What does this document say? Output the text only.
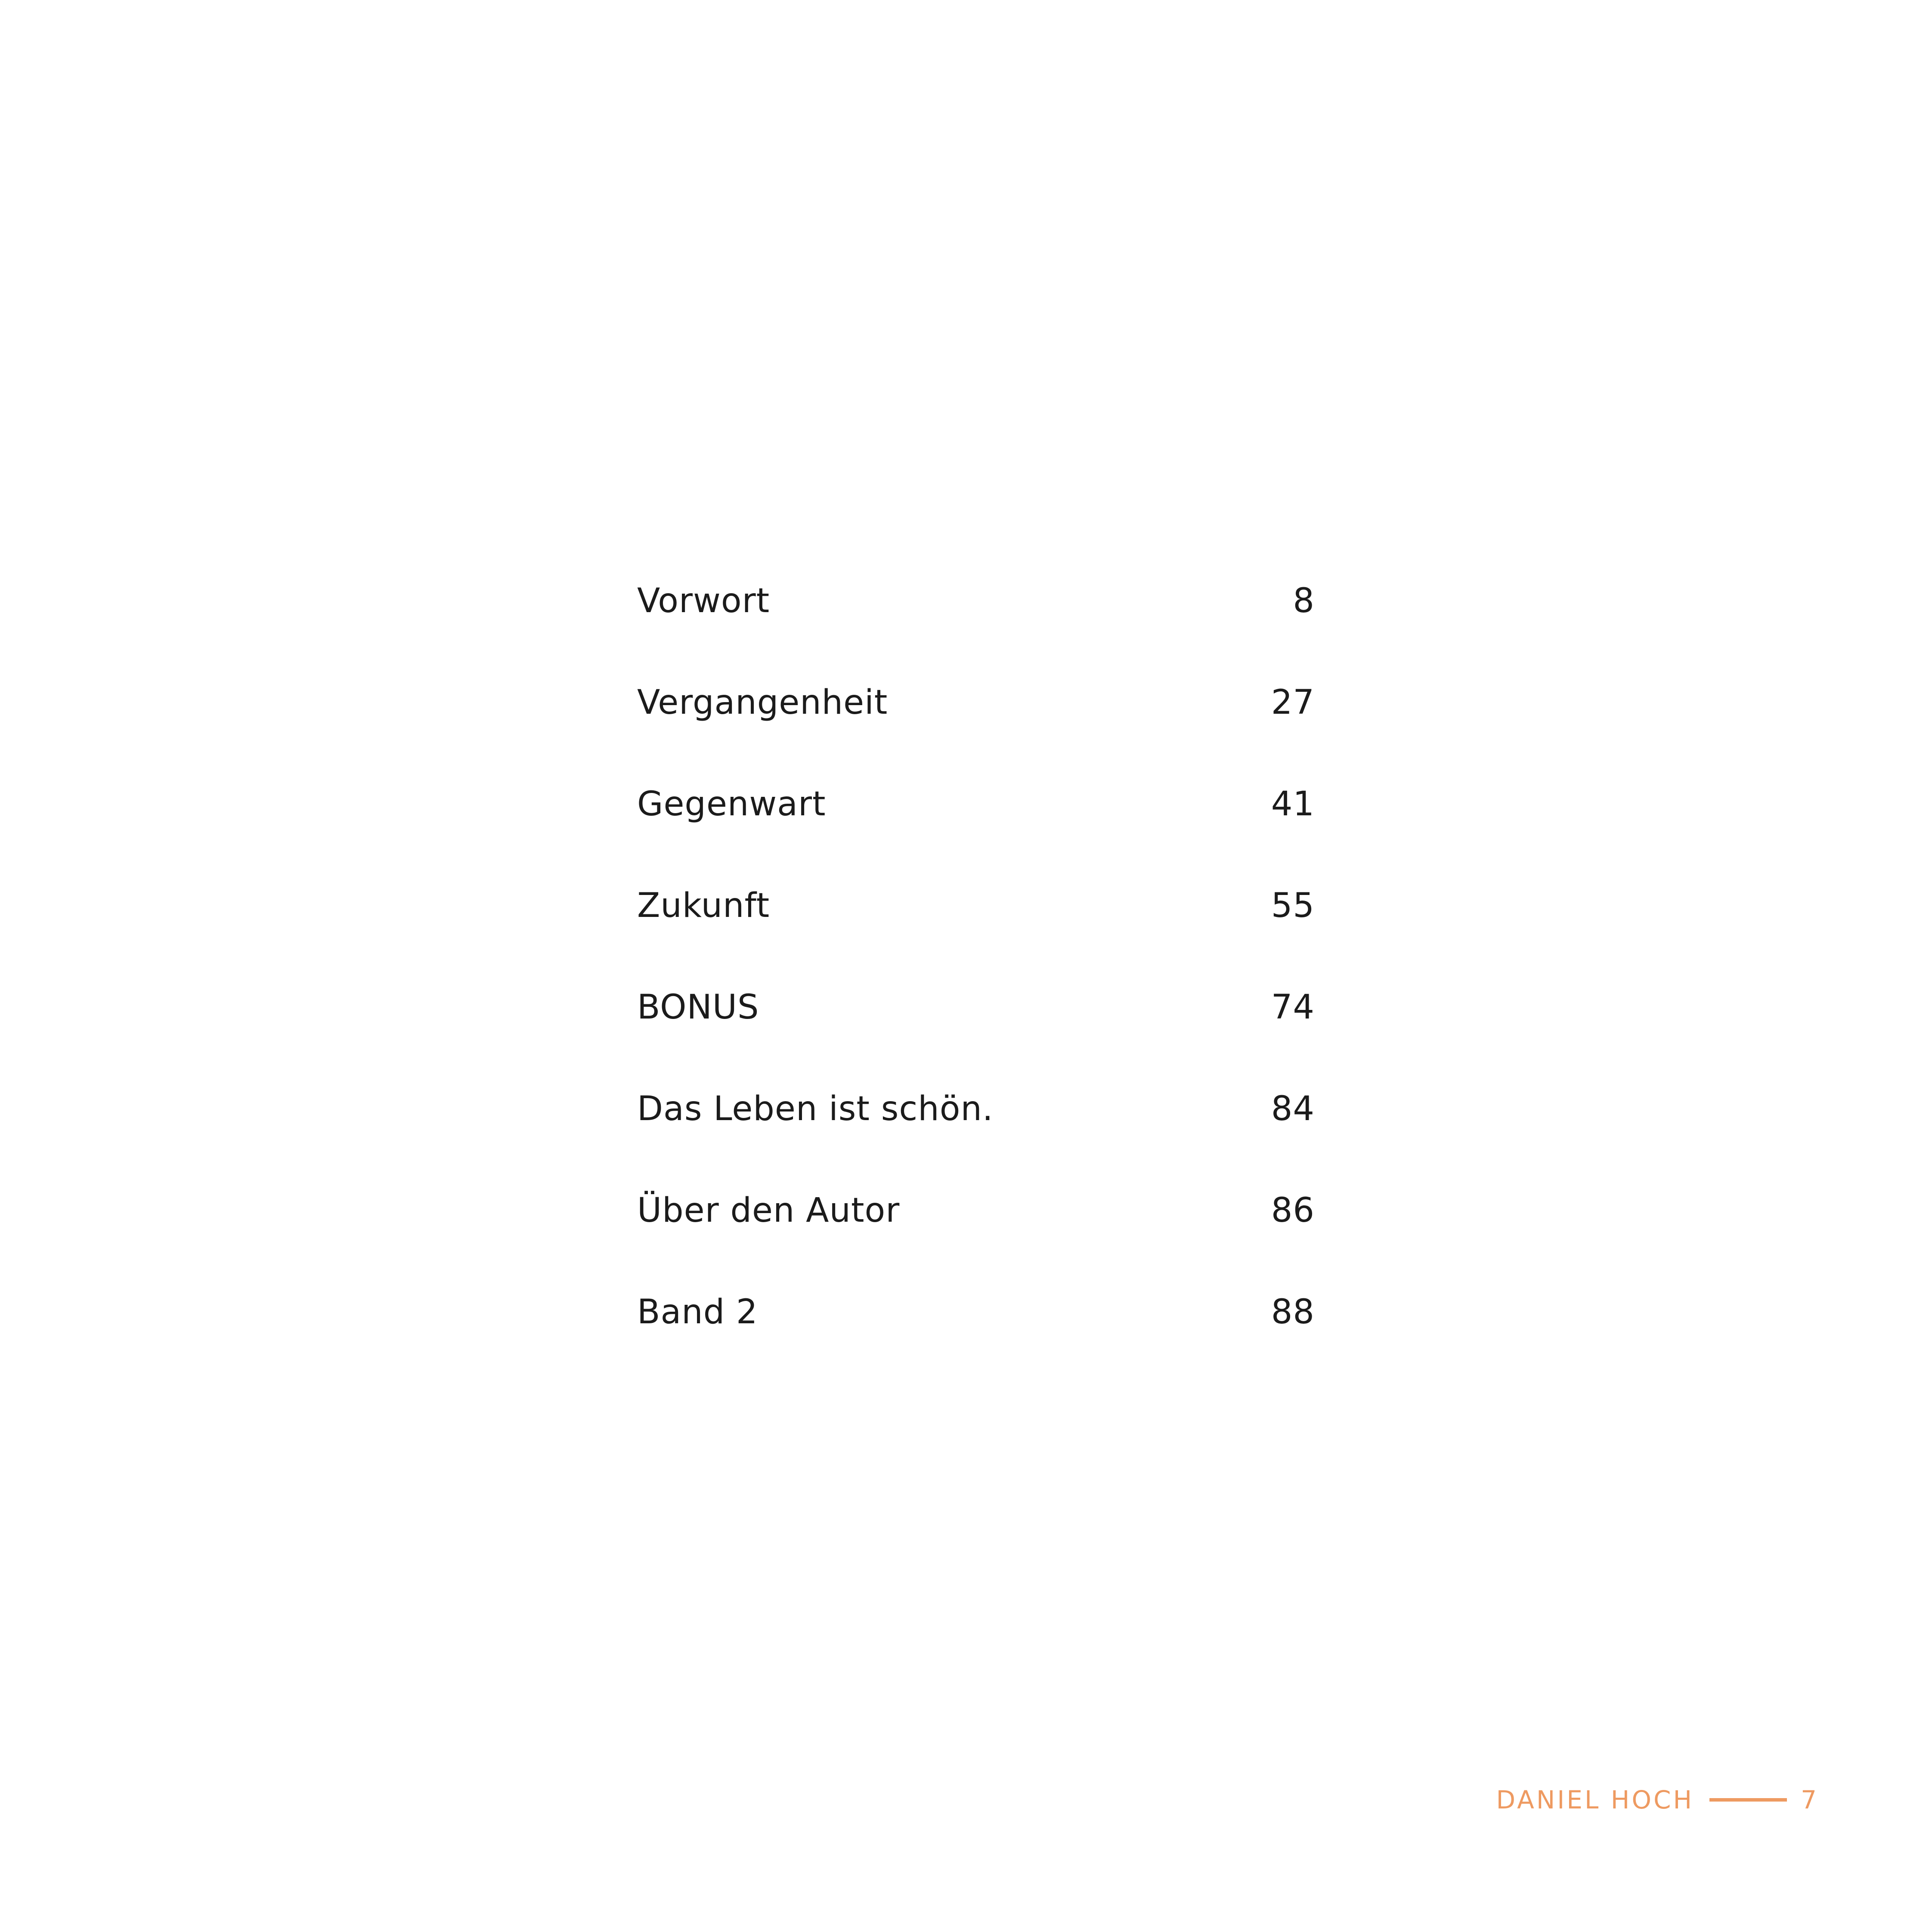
Vorwort	8
Vergangenheit	27
Gegenwart	41
Zukunft	55
BONUS	74
Das Leben ist schön.	84
Über den Autor	86
Band 2	88
DANIEL HOCH	7
